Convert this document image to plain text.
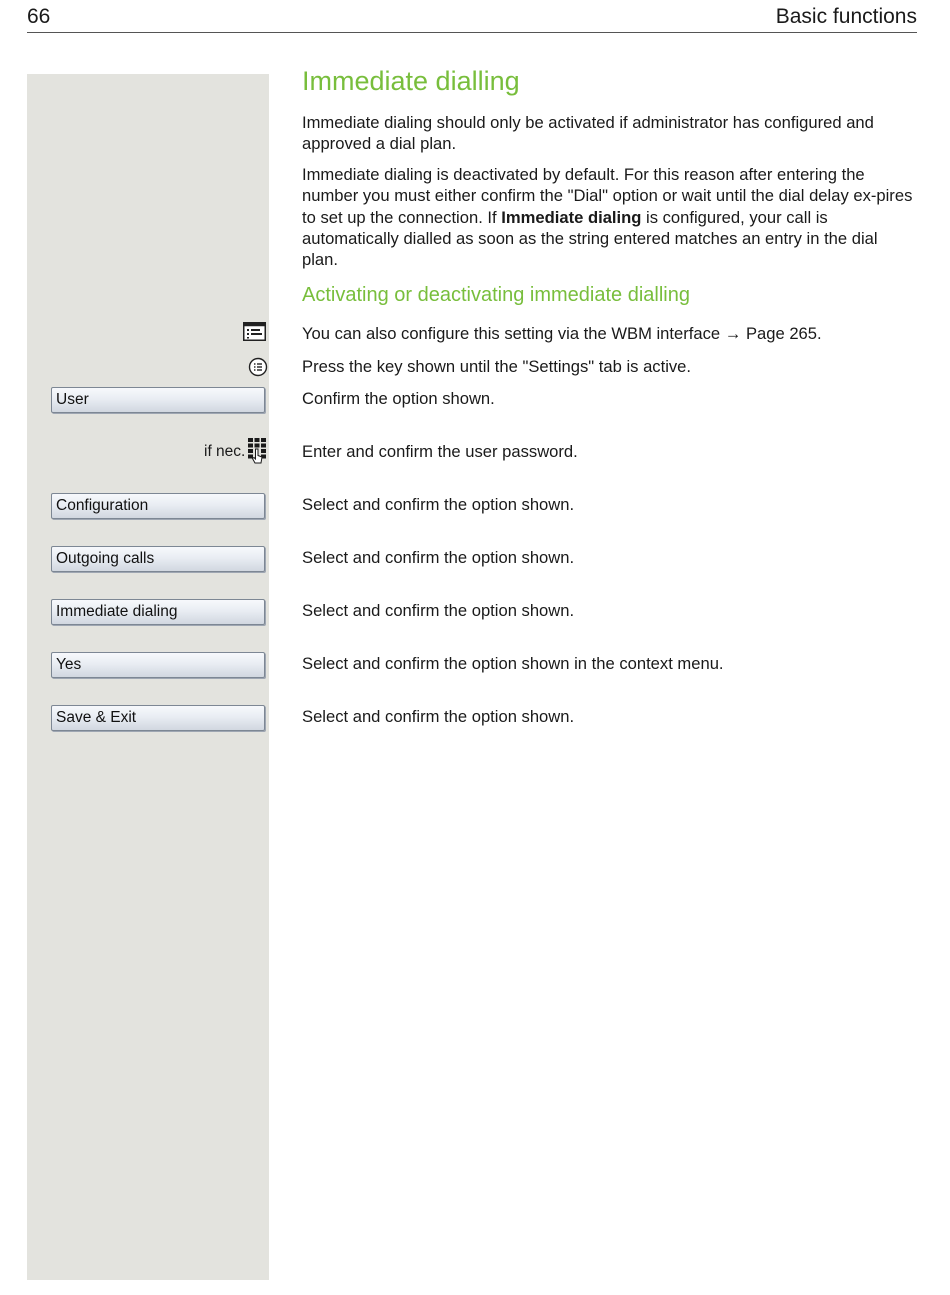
66	Basic functions
Immediate dialling

Immediate dialing should only be activated if administrator has configured and approved a dial plan.

Immediate dialing is deactivated by default. For this reason after entering the number you must either confirm the "Dial" option or wait until the dial delay ex-pires to set up the connection. If Immediate dialing is configured, your call is automatically dialled as soon as the string entered matches an entry in the dial plan.

Activating or deactivating immediate dialling
You can also configure this setting via the WBM interface → Page 265.
Press the key shown until the "Settings" tab is active.
User	Confirm the option shown.
if nec.	Enter and confirm the user password.
Configuration	Select and confirm the option shown.
Outgoing calls	Select and confirm the option shown.
Immediate dialing	Select and confirm the option shown.
Yes	Select and confirm the option shown in the context menu.
Save & Exit	Select and confirm the option shown.
